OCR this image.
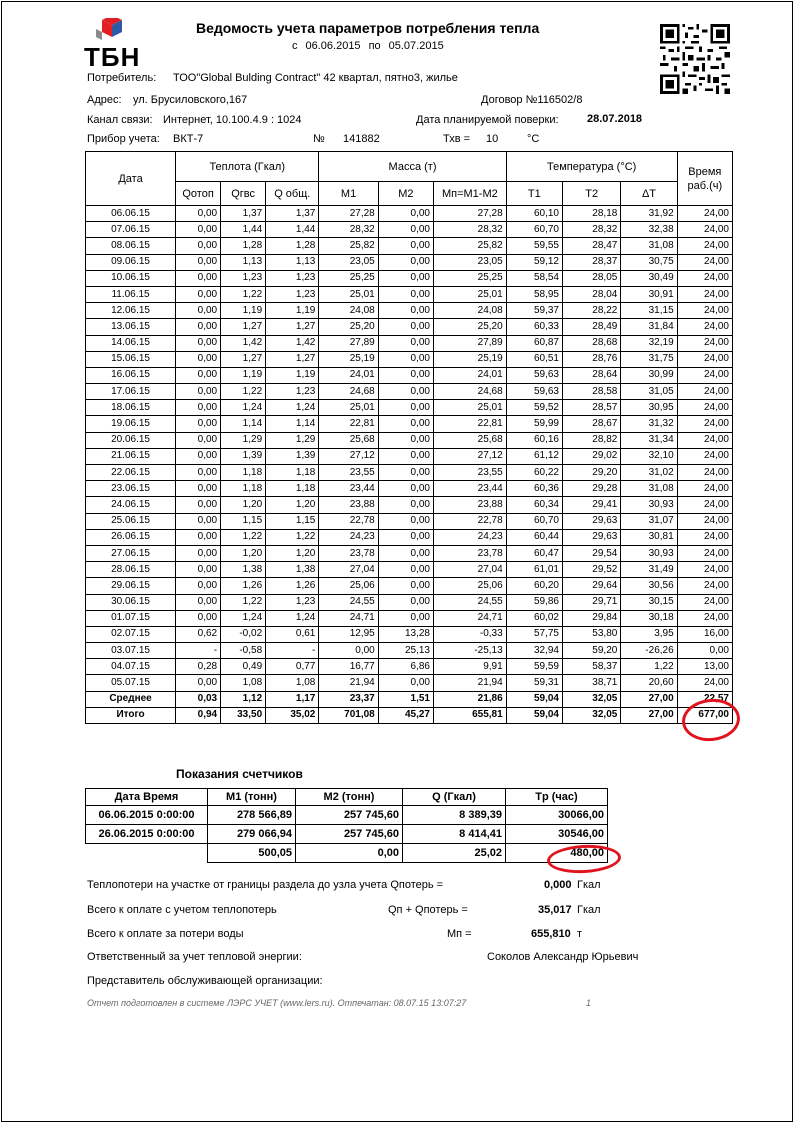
ТБН
Ведомость учета параметров потребления тепла
с 06.06.2015 по 05.07.2015
Потребитель: ТОО"Global Bulding Contract" 42 квартал, пятно3, жилье
Адрес: ул. Брусиловского,167	Договор №116502/8
Канал связи: Интернет, 10.100.4.9 : 1024	Дата планируемой поверки:	28.07.2018
Прибор учета: ВКТ-7	№ 141882	Тхв = 10	°C
Дата	Теплота (Гкал)			Масса (т)			Температура (°C)			Время раб.(ч)
	Qотоп	Qгвс	Q общ.	M1	M2	Mп=M1-M2	T1	T2	ΔT	
06.06.15	0,00	1,37	1,37	27,28	0,00	27,28	60,10	28,18	31,92	24,00
07.06.15	0,00	1,44	1,44	28,32	0,00	28,32	60,70	28,32	32,38	24,00
08.06.15	0,00	1,28	1,28	25,82	0,00	25,82	59,55	28,47	31,08	24,00
09.06.15	0,00	1,13	1,13	23,05	0,00	23,05	59,12	28,37	30,75	24,00
10.06.15	0,00	1,23	1,23	25,25	0,00	25,25	58,54	28,05	30,49	24,00
11.06.15	0,00	1,22	1,23	25,01	0,00	25,01	58,95	28,04	30,91	24,00
12.06.15	0,00	1,19	1,19	24,08	0,00	24,08	59,37	28,22	31,15	24,00
13.06.15	0,00	1,27	1,27	25,20	0,00	25,20	60,33	28,49	31,84	24,00
14.06.15	0,00	1,42	1,42	27,89	0,00	27,89	60,87	28,68	32,19	24,00
15.06.15	0,00	1,27	1,27	25,19	0,00	25,19	60,51	28,76	31,75	24,00
16.06.15	0,00	1,19	1,19	24,01	0,00	24,01	59,63	28,64	30,99	24,00
17.06.15	0,00	1,22	1,23	24,68	0,00	24,68	59,63	28,58	31,05	24,00
18.06.15	0,00	1,24	1,24	25,01	0,00	25,01	59,52	28,57	30,95	24,00
19.06.15	0,00	1,14	1,14	22,81	0,00	22,81	59,99	28,67	31,32	24,00
20.06.15	0,00	1,29	1,29	25,68	0,00	25,68	60,16	28,82	31,34	24,00
21.06.15	0,00	1,39	1,39	27,12	0,00	27,12	61,12	29,02	32,10	24,00
22.06.15	0,00	1,18	1,18	23,55	0,00	23,55	60,22	29,20	31,02	24,00
23.06.15	0,00	1,18	1,18	23,44	0,00	23,44	60,36	29,28	31,08	24,00
24.06.15	0,00	1,20	1,20	23,88	0,00	23,88	60,34	29,41	30,93	24,00
25.06.15	0,00	1,15	1,15	22,78	0,00	22,78	60,70	29,63	31,07	24,00
26.06.15	0,00	1,22	1,22	24,23	0,00	24,23	60,44	29,63	30,81	24,00
27.06.15	0,00	1,20	1,20	23,78	0,00	23,78	60,47	29,54	30,93	24,00
28.06.15	0,00	1,38	1,38	27,04	0,00	27,04	61,01	29,52	31,49	24,00
29.06.15	0,00	1,26	1,26	25,06	0,00	25,06	60,20	29,64	30,56	24,00
30.06.15	0,00	1,22	1,23	24,55	0,00	24,55	59,86	29,71	30,15	24,00
01.07.15	0,00	1,24	1,24	24,71	0,00	24,71	60,02	29,84	30,18	24,00
02.07.15	0,62	-0,02	0,61	12,95	13,28	-0,33	57,75	53,80	3,95	16,00
03.07.15	-	-0,58	-	0,00	25,13	-25,13	32,94	59,20	-26,26	0,00
04.07.15	0,28	0,49	0,77	16,77	6,86	9,91	59,59	58,37	1,22	13,00
05.07.15	0,00	1,08	1,08	21,94	0,00	21,94	59,31	38,71	20,60	24,00
Среднее	0,03	1,12	1,17	23,37	1,51	21,86	59,04	32,05	27,00	22,57
Итого	0,94	33,50	35,02	701,08	45,27	655,81	59,04	32,05	27,00	677,00
Показания счетчиков
Дата Время	M1 (тонн)	M2 (тонн)	Q (Гкал)	Tр (час)
06.06.2015 0:00:00	278 566,89	257 745,60	8 389,39	30066,00
26.06.2015 0:00:00	279 066,94	257 745,60	8 414,41	30546,00
	500,05	0,00	25,02	480,00
Теплопотери на участке от границы раздела до узла учета Qпотерь =	0,000 Гкал
Всего к оплате с учетом теплопотерь	Qп + Qпотерь =	35,017 Гкал
Всего к оплате за потери воды	Mп =	655,810 т
Ответственный за учет тепловой энергии:	Соколов Александр Юрьевич
Представитель обслуживающей организации:
Отчет подготовлен в системе ЛЭРС УЧЕТ (www.lers.ru). Отпечатан: 08.07.15 13:07:27	1
